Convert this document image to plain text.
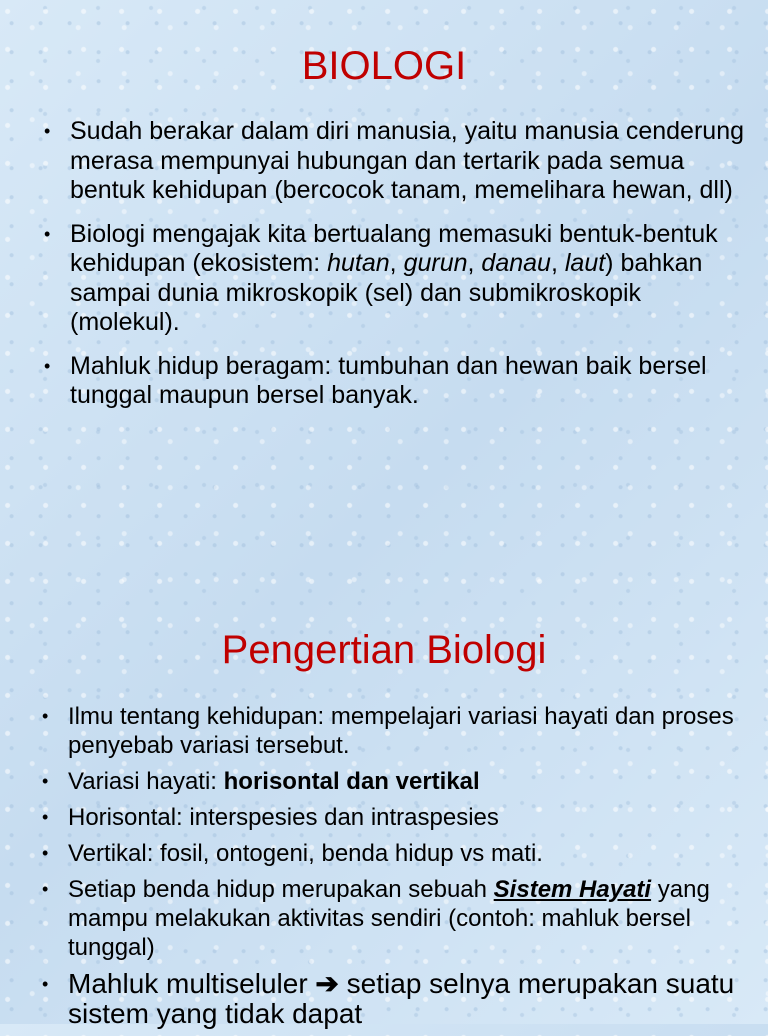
BIOLOGI
• Sudah berakar dalam diri manusia, yaitu manusia cenderung merasa mempunyai hubungan dan tertarik pada semua bentuk kehidupan (bercocok tanam, memelihara hewan, dll)
• Biologi mengajak kita bertualang memasuki bentuk-bentuk kehidupan (ekosistem: hutan, gurun, danau, laut) bahkan sampai dunia mikroskopik (sel) dan submikroskopik (molekul).
• Mahluk hidup beragam: tumbuhan dan hewan baik bersel tunggal maupun bersel banyak.
Pengertian Biologi
• Ilmu tentang kehidupan: mempelajari variasi hayati dan proses penyebab variasi tersebut.
• Variasi hayati: horisontal dan vertikal
• Horisontal: interspesies dan intraspesies
• Vertikal: fosil, ontogeni, benda hidup vs mati.
• Setiap benda hidup merupakan sebuah Sistem Hayati yang mampu melakukan aktivitas sendiri (contoh: mahluk bersel tunggal)
• Mahluk multiseluler ➔ setiap selnya merupakan suatu sistem yang tidak dapat
